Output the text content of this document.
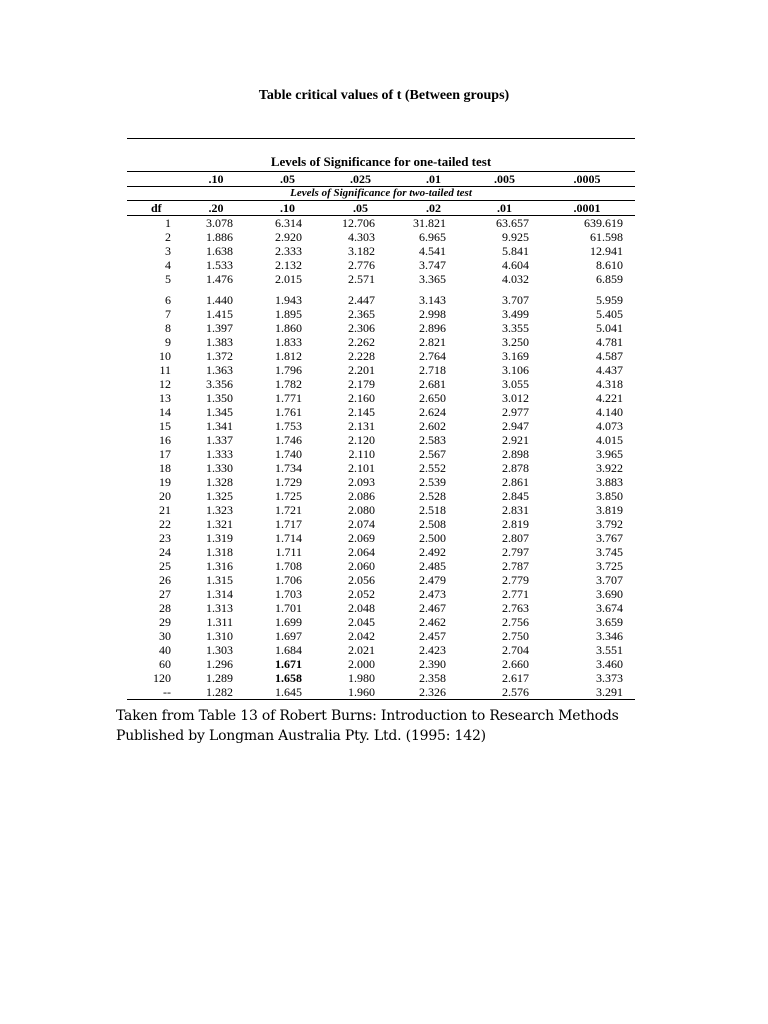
Table critical values of t (Between groups)
Levels of Significance for one-tailed test
	.10	.05	.025	.01	.005	.0005
Levels of Significance for two-tailed test						
df	.20	.10	.05	.02	.01	.0001
1	3.078	6.314	12.706	31.821	63.657	639.619
2	1.886	2.920	4.303	6.965	9.925	61.598
3	1.638	2.333	3.182	4.541	5.841	12.941
4	1.533	2.132	2.776	3.747	4.604	8.610
5	1.476	2.015	2.571	3.365	4.032	6.859
6	1.440	1.943	2.447	3.143	3.707	5.959
7	1.415	1.895	2.365	2.998	3.499	5.405
8	1.397	1.860	2.306	2.896	3.355	5.041
9	1.383	1.833	2.262	2.821	3.250	4.781
10	1.372	1.812	2.228	2.764	3.169	4.587
11	1.363	1.796	2.201	2.718	3.106	4.437
12	3.356	1.782	2.179	2.681	3.055	4.318
13	1.350	1.771	2.160	2.650	3.012	4.221
14	1.345	1.761	2.145	2.624	2.977	4.140
15	1.341	1.753	2.131	2.602	2.947	4.073
16	1.337	1.746	2.120	2.583	2.921	4.015
17	1.333	1.740	2.110	2.567	2.898	3.965
18	1.330	1.734	2.101	2.552	2.878	3.922
19	1.328	1.729	2.093	2.539	2.861	3.883
20	1.325	1.725	2.086	2.528	2.845	3.850
21	1.323	1.721	2.080	2.518	2.831	3.819
22	1.321	1.717	2.074	2.508	2.819	3.792
23	1.319	1.714	2.069	2.500	2.807	3.767
24	1.318	1.711	2.064	2.492	2.797	3.745
25	1.316	1.708	2.060	2.485	2.787	3.725
26	1.315	1.706	2.056	2.479	2.779	3.707
27	1.314	1.703	2.052	2.473	2.771	3.690
28	1.313	1.701	2.048	2.467	2.763	3.674
29	1.311	1.699	2.045	2.462	2.756	3.659
30	1.310	1.697	2.042	2.457	2.750	3.346
40	1.303	1.684	2.021	2.423	2.704	3.551
60	1.296	1.671	2.000	2.390	2.660	3.460
120	1.289	1.658	1.980	2.358	2.617	3.373
--	1.282	1.645	1.960	2.326	2.576	3.291
Taken from Table 13 of Robert Burns: Introduction to Research Methods Published by Longman Australia Pty. Ltd. (1995: 142)
